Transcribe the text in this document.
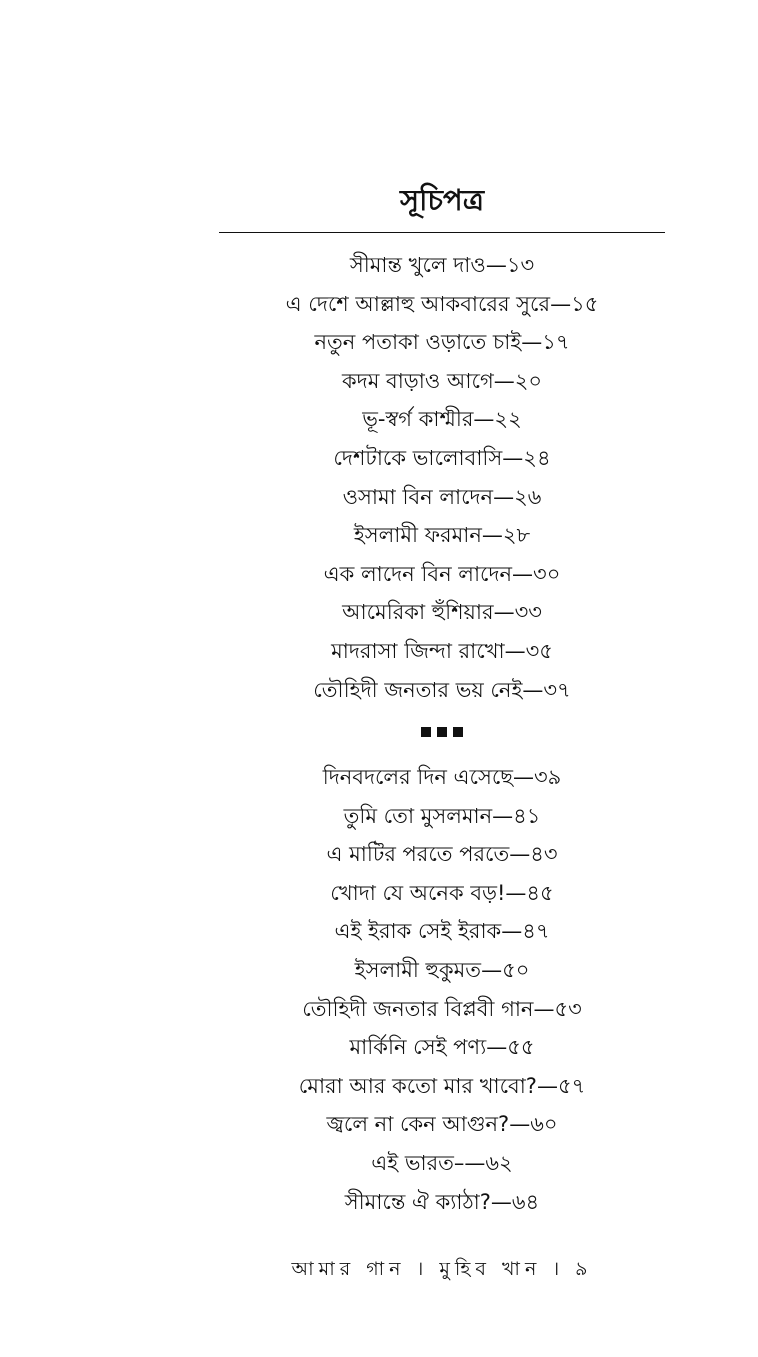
সূচিপত্র
সীমান্ত খুলে দাও—১৩
এ দেশে আল্লাহু আকবারের সুরে—১৫
নতুন পতাকা ওড়াতে চাই—১৭
কদম বাড়াও আগে—২০
ভূ-স্বর্গ কাশ্মীর—২২
দেশটাকে ভালোবাসি—২৪
ওসামা বিন লাদেন—২৬
ইসলামী ফরমান—২৮
এক লাদেন বিন লাদেন—৩০
আমেরিকা হুঁশিয়ার—৩৩
মাদরাসা জিন্দা রাখো—৩৫
তৌহিদী জনতার ভয় নেই—৩৭
দিনবদলের দিন এসেছে—৩৯
তুমি তো মুসলমান—৪১
এ মাটির পরতে পরতে—৪৩
খোদা যে অনেক বড়!—৪৫
এই ইরাক সেই ইরাক—৪৭
ইসলামী হুকুমত—৫০
তৌহিদী জনতার বিপ্লবী গান—৫৩
মার্কিনি সেই পণ্য—৫৫
মোরা আর কতো মার খাবো?—৫৭
জ্বলে না কেন আগুন?—৬০
এই ভারত–—৬২
সীমান্তে ঐ ক্যাঠা?—৬৪
আমার গান । মুহিব খান । ৯
